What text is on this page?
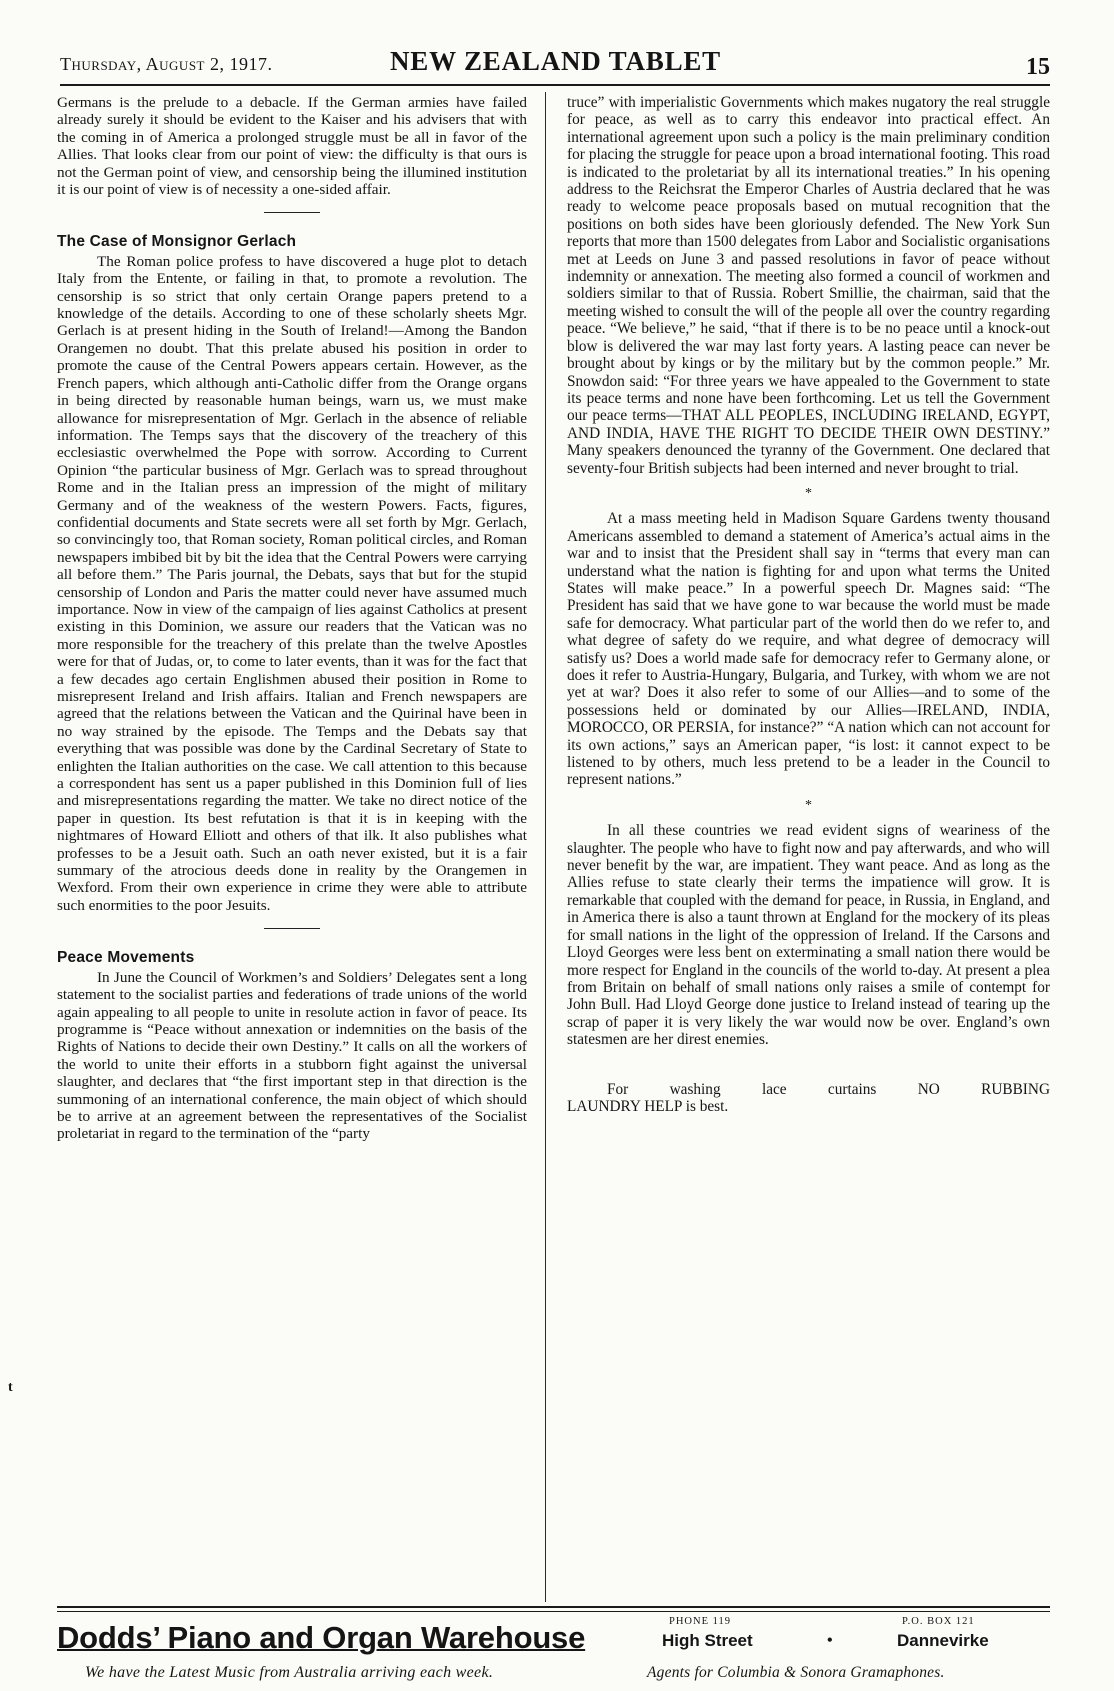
Thursday, August 2, 1917.	NEW ZEALAND TABLET	15

Germans is the prelude to a debacle. If the German armies have failed already surely it should be evident to the Kaiser and his advisers that with the coming in of America a prolonged struggle must be all in favor of the Allies. That looks clear from our point of view: the difficulty is that ours is not the German point of view, and censorship being the illumined institution it is our point of view is of necessity a one-sided affair.

The Case of Monsignor Gerlach

The Roman police profess to have discovered a huge plot to detach Italy from the Entente, or failing in that, to promote a revolution. The censorship is so strict that only certain Orange papers pretend to a knowledge of the details. According to one of these scholarly sheets Mgr. Gerlach is at present hiding in the South of Ireland!—Among the Bandon Orangemen no doubt. That this prelate abused his position in order to promote the cause of the Central Powers appears certain. However, as the French papers, which although anti-Catholic differ from the Orange organs in being directed by reasonable human beings, warn us, we must make allowance for misrepresentation of Mgr. Gerlach in the absence of reliable information. The Temps says that the discovery of the treachery of this ecclesiastic overwhelmed the Pope with sorrow. According to Current Opinion “the particular business of Mgr. Gerlach was to spread throughout Rome and in the Italian press an impression of the might of military Germany and of the weakness of the western Powers. Facts, figures, confidential documents and State secrets were all set forth by Mgr. Gerlach, so convincingly too, that Roman society, Roman political circles, and Roman newspapers imbibed bit by bit the idea that the Central Powers were carrying all before them.” The Paris journal, the Debats, says that but for the stupid censorship of London and Paris the matter could never have assumed much importance. Now in view of the campaign of lies against Catholics at present existing in this Dominion, we assure our readers that the Vatican was no more responsible for the treachery of this prelate than the twelve Apostles were for that of Judas, or, to come to later events, than it was for the fact that a few decades ago certain Englishmen abused their position in Rome to misrepresent Ireland and Irish affairs. Italian and French newspapers are agreed that the relations between the Vatican and the Quirinal have been in no way strained by the episode. The Temps and the Debats say that everything that was possible was done by the Cardinal Secretary of State to enlighten the Italian authorities on the case. We call attention to this because a correspondent has sent us a paper published in this Dominion full of lies and misrepresentations regarding the matter. We take no direct notice of the paper in question. Its best refutation is that it is in keeping with the nightmares of Howard Elliott and others of that ilk. It also publishes what professes to be a Jesuit oath. Such an oath never existed, but it is a fair summary of the atrocious deeds done in reality by the Orangemen in Wexford. From their own experience in crime they were able to attribute such enormities to the poor Jesuits.

Peace Movements

In June the Council of Workmen’s and Soldiers’ Delegates sent a long statement to the socialist parties and federations of trade unions of the world again appealing to all people to unite in resolute action in favor of peace. Its programme is “Peace without annexation or indemnities on the basis of the Rights of Nations to decide their own Destiny.” It calls on all the workers of the world to unite their efforts in a stubborn fight against the universal slaughter, and declares that “the first important step in that direction is the summoning of an international conference, the main object of which should be to arrive at an agreement between the representatives of the Socialist proletariat in regard to the termination of the “party

truce” with imperialistic Governments which makes nugatory the real struggle for peace, as well as to carry this endeavor into practical effect. An international agreement upon such a policy is the main preliminary condition for placing the struggle for peace upon a broad international footing. This road is indicated to the proletariat by all its international treaties.” In his opening address to the Reichsrat the Emperor Charles of Austria declared that he was ready to welcome peace proposals based on mutual recognition that the positions on both sides have been gloriously defended. The New York Sun reports that more than 1500 delegates from Labor and Socialistic organisations met at Leeds on June 3 and passed resolutions in favor of peace without indemnity or annexation. The meeting also formed a council of workmen and soldiers similar to that of Russia. Robert Smillie, the chairman, said that the meeting wished to consult the will of the people all over the country regarding peace. “We believe,” he said, “that if there is to be no peace until a knock-out blow is delivered the war may last forty years. A lasting peace can never be brought about by kings or by the military but by the common people.” Mr. Snowdon said: “For three years we have appealed to the Government to state its peace terms and none have been forthcoming. Let us tell the Government our peace terms—THAT ALL PEOPLES, INCLUDING IRELAND, EGYPT, AND INDIA, HAVE THE RIGHT TO DECIDE THEIR OWN DESTINY.” Many speakers denounced the tyranny of the Government. One declared that seventy-four British subjects had been interned and never brought to trial.

*

At a mass meeting held in Madison Square Gardens twenty thousand Americans assembled to demand a statement of America’s actual aims in the war and to insist that the President shall say in “terms that every man can understand what the nation is fighting for and upon what terms the United States will make peace.” In a powerful speech Dr. Magnes said: “The President has said that we have gone to war because the world must be made safe for democracy. What particular part of the world then do we refer to, and what degree of safety do we require, and what degree of democracy will satisfy us? Does a world made safe for democracy refer to Germany alone, or does it refer to Austria-Hungary, Bulgaria, and Turkey, with whom we are not yet at war? Does it also refer to some of our Allies—and to some of the possessions held or dominated by our Allies—IRELAND, INDIA, MOROCCO, OR PERSIA, for instance?” “A nation which can not account for its own actions,” says an American paper, “is lost: it cannot expect to be listened to by others, much less pretend to be a leader in the Council to represent nations.”

*

In all these countries we read evident signs of weariness of the slaughter. The people who have to fight now and pay afterwards, and who will never benefit by the war, are impatient. They want peace. And as long as the Allies refuse to state clearly their terms the impatience will grow. It is remarkable that coupled with the demand for peace, in Russia, in England, and in America there is also a taunt thrown at England for the mockery of its pleas for small nations in the light of the oppression of Ireland. If the Carsons and Lloyd Georges were less bent on exterminating a small nation there would be more respect for England in the councils of the world to-day. At present a plea from Britain on behalf of small nations only raises a smile of contempt for John Bull. Had Lloyd George done justice to Ireland instead of tearing up the scrap of paper it is very likely the war would now be over. England’s own statesmen are her direst enemies.

For washing lace curtains NO RUBBING

LAUNDRY HELP is best.

Dodds’ Piano and Organ Warehouse
We have the Latest Music from Australia arriving each week.
PHONE 119
High Street	•
P.O. BOX 121
Dannevirke
Agents for Columbia & Sonora Gramaphones.
t
